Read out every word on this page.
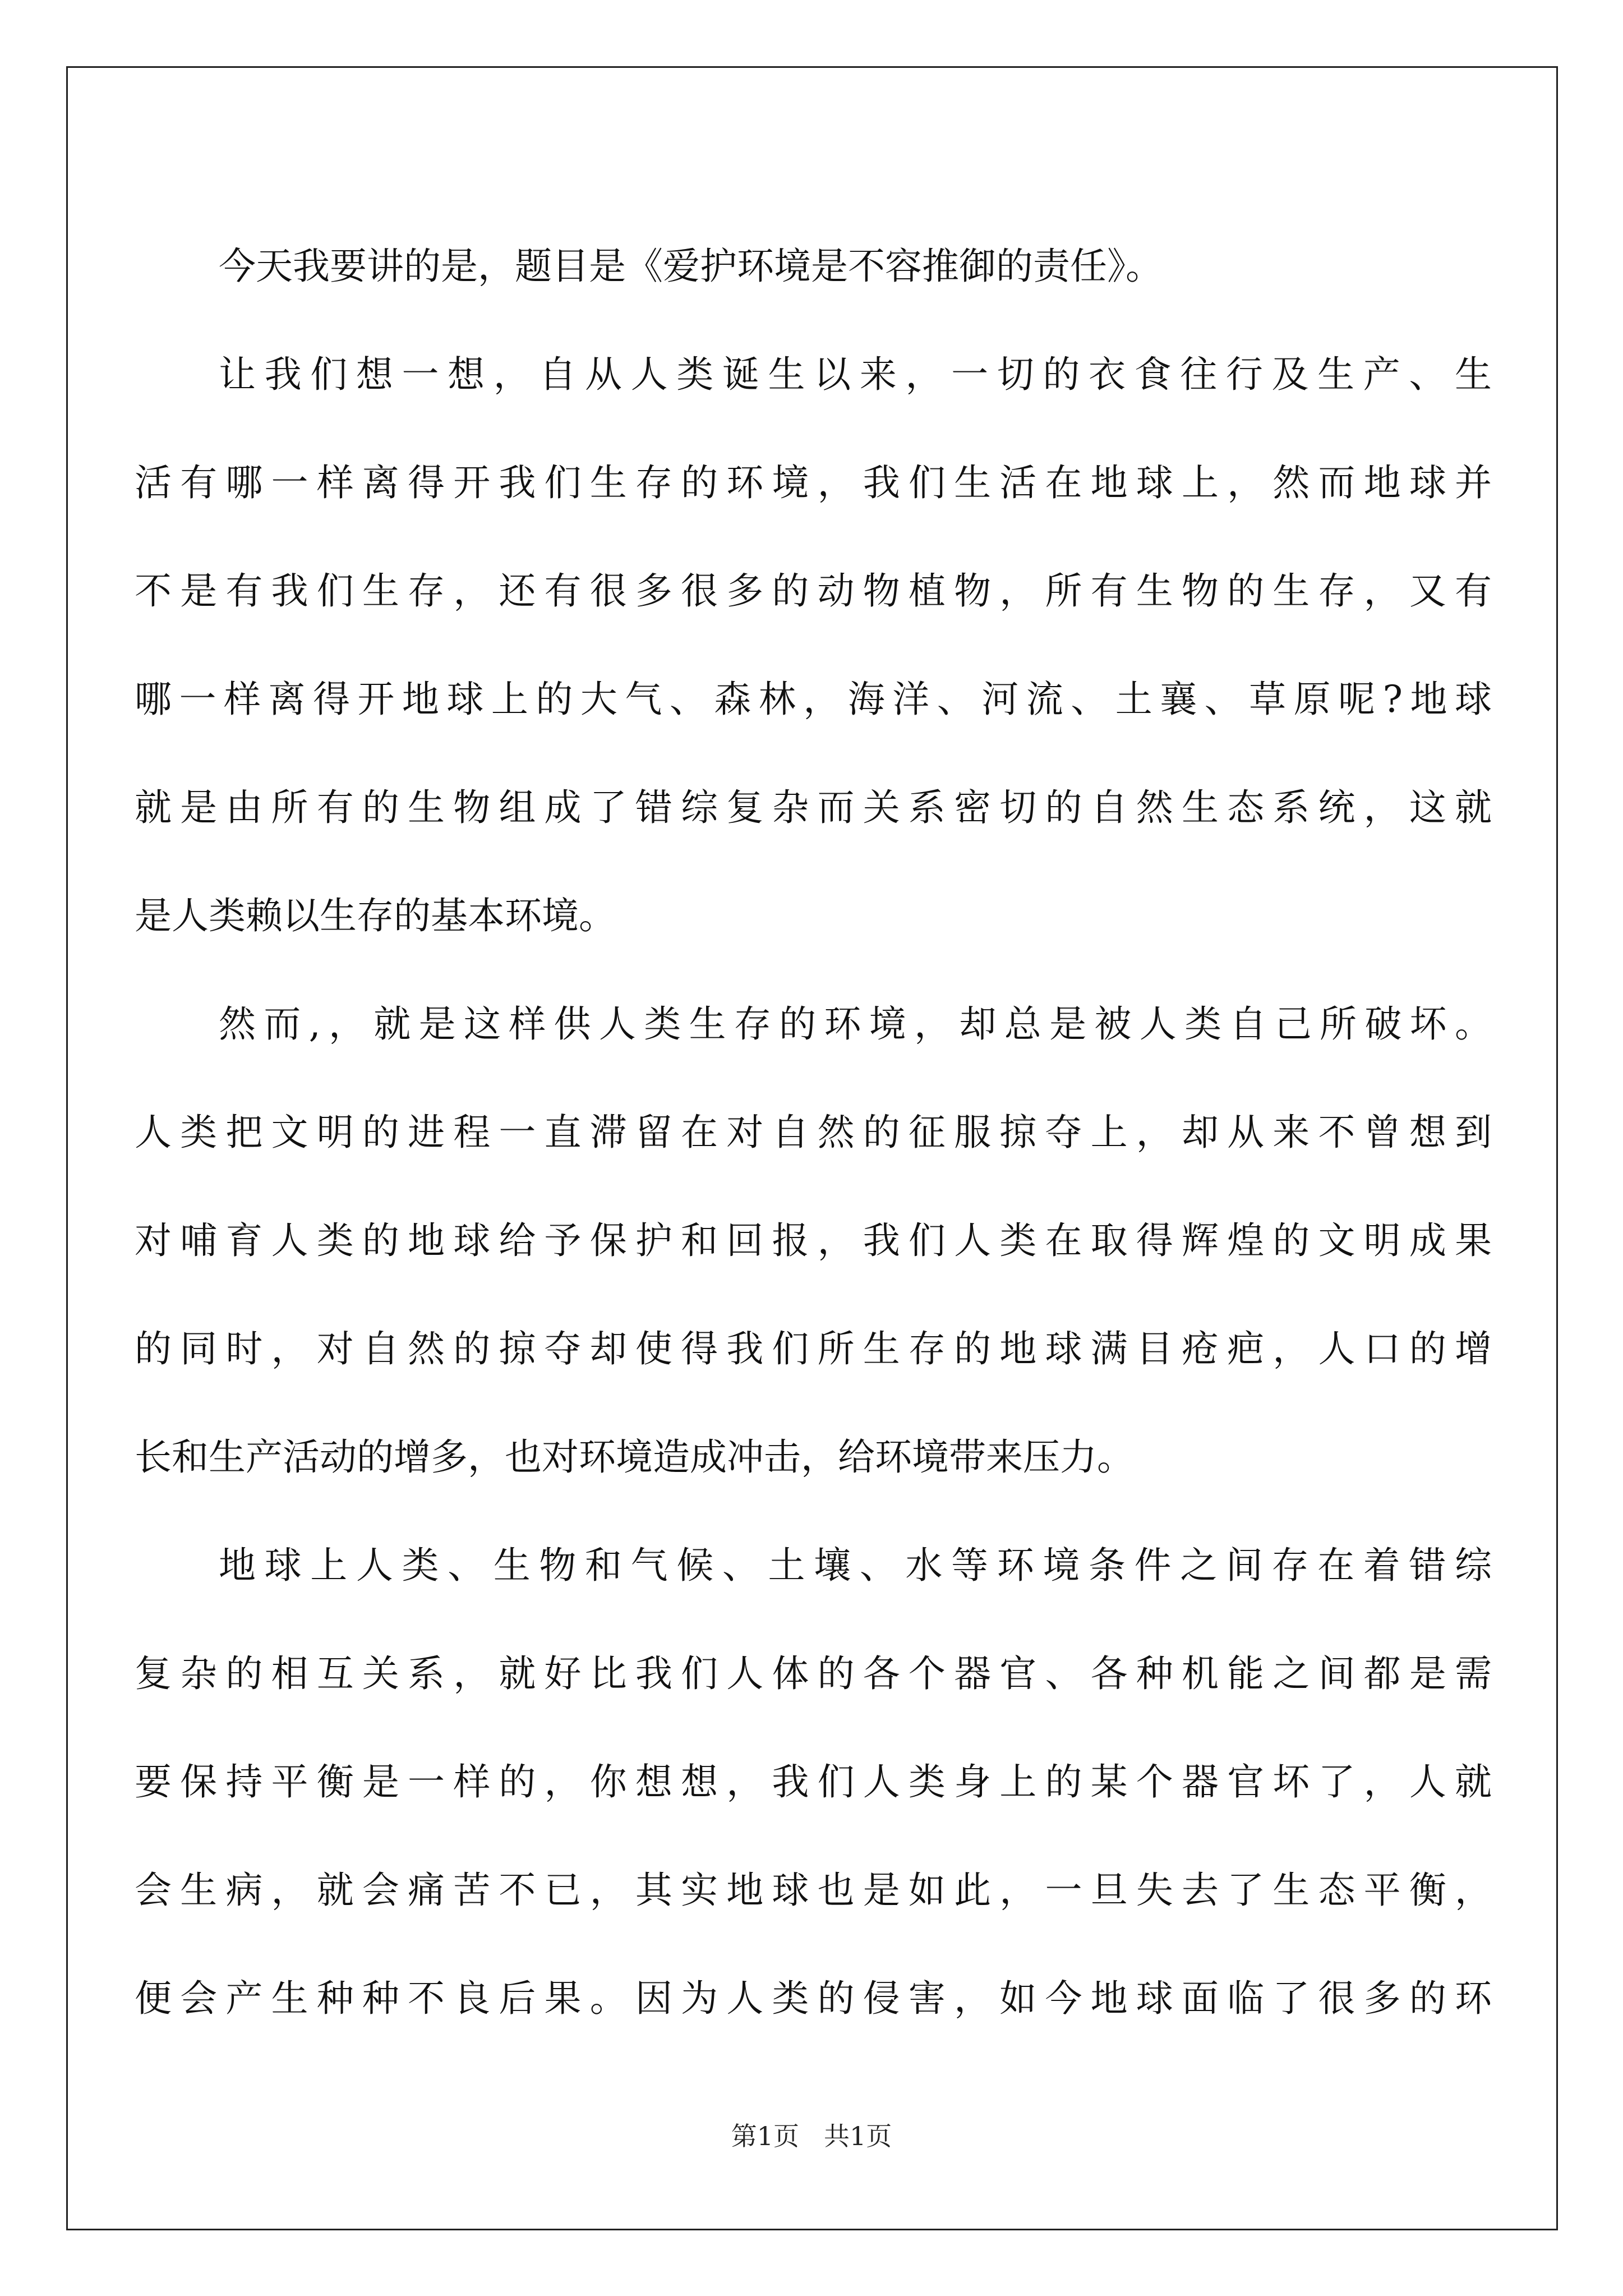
今天我要讲的是，题目是《爱护环境是不容推御的责任》。
让我们想一想，自从人类诞生以来，一切的衣食往行及生产、生
活有哪一样离得开我们生存的环境，我们生活在地球上，然而地球并
不是有我们生存，还有很多很多的动物植物，所有生物的生存，又有
哪一样离得开地球上的大气、森林，海洋、河流、土襄、草原呢?地球
就是由所有的生物组成了错综复杂而关系密切的自然生态系统，这就
是人类赖以生存的基本环境。
然而,，就是这样供人类生存的环境，却总是被人类自己所破坏。
人类把文明的进程一直滞留在对自然的征服掠夺上，却从来不曾想到
对哺育人类的地球给予保护和回报，我们人类在取得辉煌的文明成果
的同时，对自然的掠夺却使得我们所生存的地球满目疮疤，人口的增
长和生产活动的增多，也对环境造成冲击，给环境带来压力。
地球上人类、生物和气候、土壤、水等环境条件之间存在着错综
复杂的相互关系，就好比我们人体的各个器官、各种机能之间都是需
要保持平衡是一样的，你想想，我们人类身上的某个器官坏了，人就
会生病，就会痛苦不已，其实地球也是如此，一旦失去了生态平衡，
便会产生种种不良后果。因为人类的侵害，如今地球面临了很多的环
第1页 共1页
